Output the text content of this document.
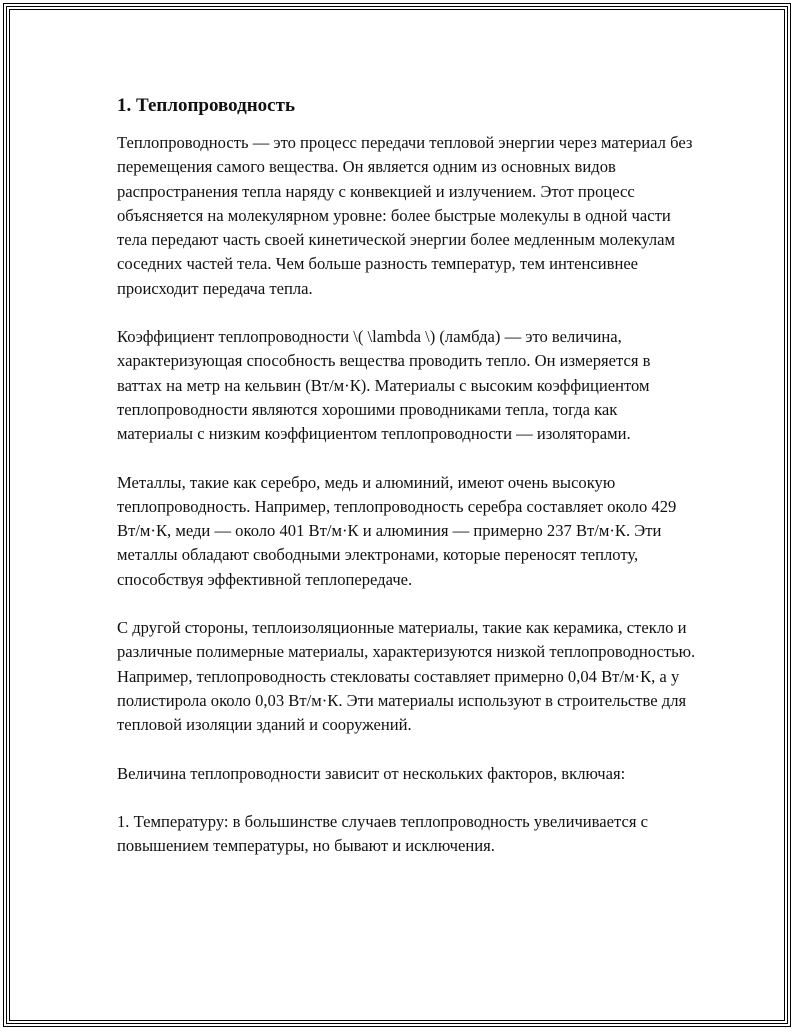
1. Теплопроводность

Теплопроводность — это процесс передачи тепловой энергии через материал без перемещения самого вещества. Он является одним из основных видов распространения тепла наряду с конвекцией и излучением. Этот процесс объясняется на молекулярном уровне: более быстрые молекулы в одной части тела передают часть своей кинетической энергии более медленным молекулам соседних частей тела. Чем больше разность температур, тем интенсивнее происходит передача тепла.

Коэффициент теплопроводности \( \lambda \) (ламбда) — это величина, характеризующая способность вещества проводить тепло. Он измеряется в ваттах на метр на кельвин (Вт/м·К). Материалы с высоким коэффициентом теплопроводности являются хорошими проводниками тепла, тогда как материалы с низким коэффициентом теплопроводности — изоляторами.

Металлы, такие как серебро, медь и алюминий, имеют очень высокую теплопроводность. Например, теплопроводность серебра составляет около 429 Вт/м·К, меди — около 401 Вт/м·К и алюминия — примерно 237 Вт/м·К. Эти металлы обладают свободными электронами, которые переносят теплоту, способствуя эффективной теплопередаче.

С другой стороны, теплоизоляционные материалы, такие как керамика, стекло и различные полимерные материалы, характеризуются низкой теплопроводностью. Например, теплопроводность стекловаты составляет примерно 0,04 Вт/м·К, а у полистирола около 0,03 Вт/м·К. Эти материалы используют в строительстве для тепловой изоляции зданий и сооружений.

Величина теплопроводности зависит от нескольких факторов, включая:

1. Температуру: в большинстве случаев теплопроводность увеличивается с повышением температуры, но бывают и исключения.
